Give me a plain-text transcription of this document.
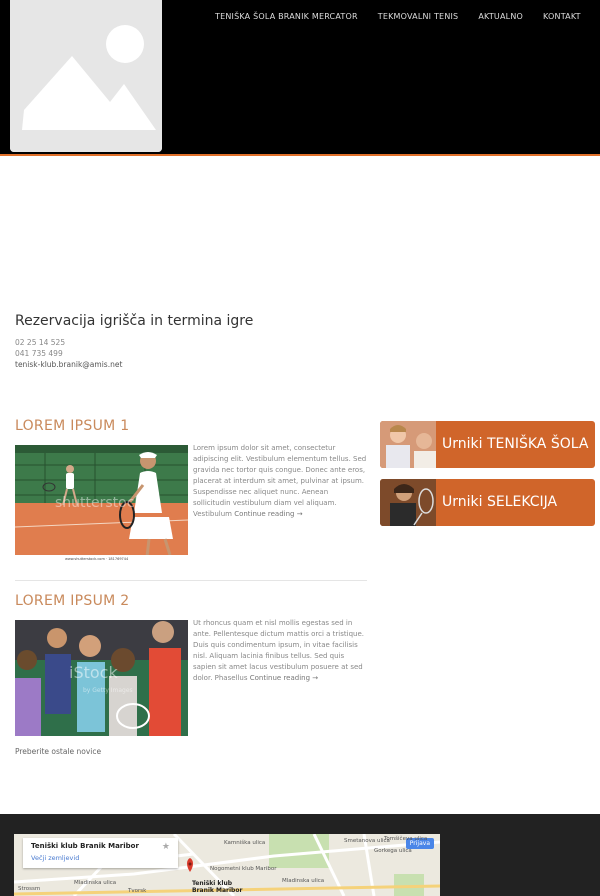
TENIŠKA ŠOLA BRANIK MERCATOR	TEKMOVALNI TENIS	AKTUALNO	KONTAKT
Rezervacija igrišča in termina igre
02 25 14 525
041 735 499
tenisk-klub.branik@amis.net
LOREM IPSUM 1
shutterstock
www.shutterstock.com · 181769744

Lorem ipsum dolor sit amet, consectetur adipiscing elit. Vestibulum elementum tellus. Sed gravida nec tortor quis congue. Donec ante eros, placerat at interdum sit amet, pulvinar at ipsum. Suspendisse nec aliquet nunc. Aenean sollicitudin vestibulum diam vel aliquam. Vestibulum Continue reading →

LOREM IPSUM 2
iStock
by Getty Images

Ut rhoncus quam et nisl mollis egestas sed in ante. Pellentesque dictum mattis orci a tristique. Duis quis condimentum ipsum, in vitae facilisis nisl. Aliquam lacinia finibus tellus. Sed quis sapien sit amet lacus vestibulum posuere at sed dolor. Phasellus Continue reading →

Preberite ostale novice
Urniki TENIŠKA ŠOLA
Urniki SELEKCIJA
Teniški klub Branik Maribor
Večji zemljevid
★	Prijava
Kamniška ulica
Nogometni klub Maribor
Mladinska ulica
Smetanova ulica
Gorkega ulica
Tomšičeva ulica
Mladinska ulica
Tvorsk
Strossm
Teniški klub Branik Maribor
